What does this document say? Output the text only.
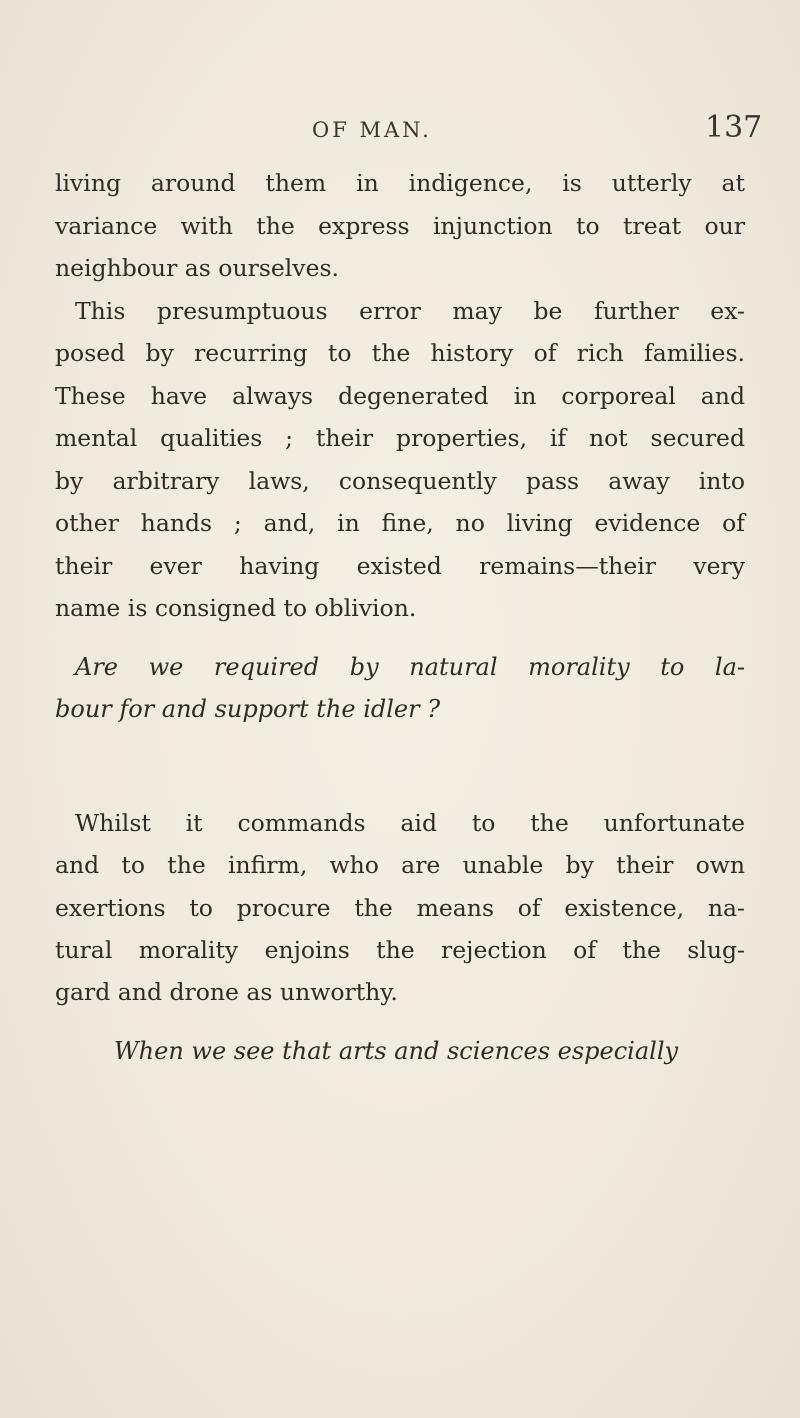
OF MAN.	137
living around them in indigence, is utterly at
variance with the express injunction to treat our
neighbour as ourselves.
This presumptuous error may be further ex-
posed by recurring to the history of rich families.
These have always degenerated in corporeal and
mental qualities ; their properties, if not secured
by arbitrary laws, consequently pass away into
other hands ; and, in fine, no living evidence of
their ever having existed remains—their very
name is consigned to oblivion.
Are we required by natural morality to la-
bour for and support the idler ?
Whilst it commands aid to the unfortunate
and to the infirm, who are unable by their own
exertions to procure the means of existence, na-
tural morality enjoins the rejection of the slug-
gard and drone as unworthy.
When we see that arts and sciences especially
